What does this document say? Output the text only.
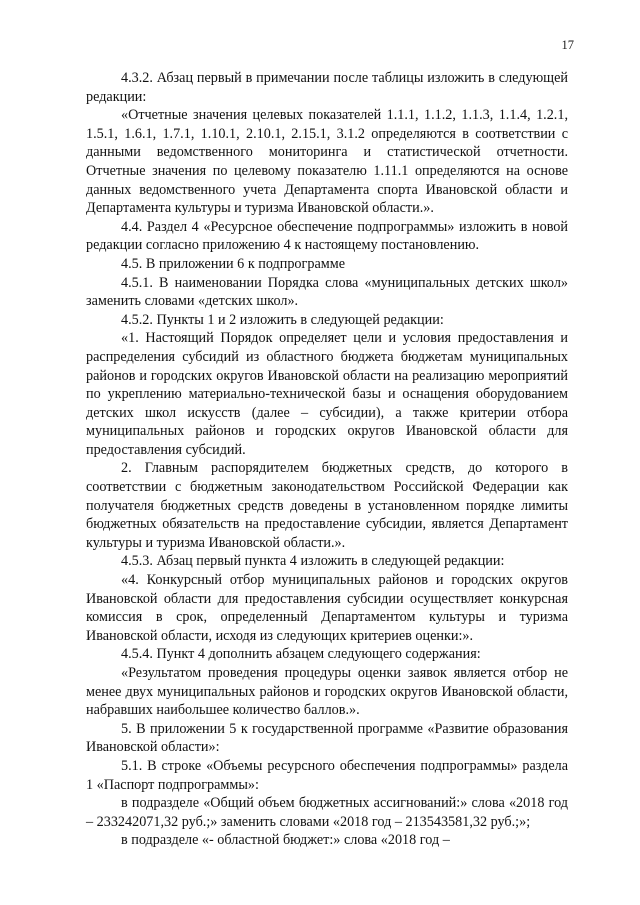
17

4.3.2. Абзац первый в примечании после таблицы изложить в следующей редакции:

«Отчетные значения целевых показателей 1.1.1, 1.1.2, 1.1.3, 1.1.4, 1.2.1, 1.5.1, 1.6.1, 1.7.1, 1.10.1, 2.10.1, 2.15.1, 3.1.2 определяются в соответствии с данными ведомственного мониторинга и статистической отчетности. Отчетные значения по целевому показателю 1.11.1 определяются на основе данных ведомственного учета Департамента спорта Ивановской области и Департамента культуры и туризма Ивановской области.».

4.4. Раздел 4 «Ресурсное обеспечение подпрограммы» изложить в новой редакции согласно приложению 4 к настоящему постановлению.

4.5. В приложении 6 к подпрограмме

4.5.1. В наименовании Порядка слова «муниципальных детских школ» заменить словами «детских школ».

4.5.2. Пункты 1 и 2 изложить в следующей редакции:

«1. Настоящий Порядок определяет цели и условия предоставления и распределения субсидий из областного бюджета бюджетам муниципальных районов и городских округов Ивановской области на реализацию мероприятий по укреплению материально-технической базы и оснащения оборудованием детских школ искусств (далее – субсидии), а также критерии отбора муниципальных районов и городских округов Ивановской области для предоставления субсидий.

2. Главным распорядителем бюджетных средств, до которого в соответствии с бюджетным законодательством Российской Федерации как получателя бюджетных средств доведены в установленном порядке лимиты бюджетных обязательств на предоставление субсидии, является Департамент культуры и туризма Ивановской области.».

4.5.3. Абзац первый пункта 4 изложить в следующей редакции:

«4. Конкурсный отбор муниципальных районов и городских округов Ивановской области для предоставления субсидии осуществляет конкурсная комиссия в срок, определенный Департаментом культуры и туризма Ивановской области, исходя из следующих критериев оценки:».

4.5.4. Пункт 4 дополнить абзацем следующего содержания:

«Результатом проведения процедуры оценки заявок является отбор не менее двух муниципальных районов и городских округов Ивановской области, набравших наибольшее количество баллов.».

5. В приложении 5 к государственной программе «Развитие образования Ивановской области»:

5.1. В строке «Объемы ресурсного обеспечения подпрограммы» раздела 1 «Паспорт подпрограммы»:

в подразделе «Общий объем бюджетных ассигнований:» слова «2018 год – 233242071,32 руб.;» заменить словами «2018 год – 213543581,32 руб.;»;

в подразделе «- областной бюджет:» слова «2018 год –
